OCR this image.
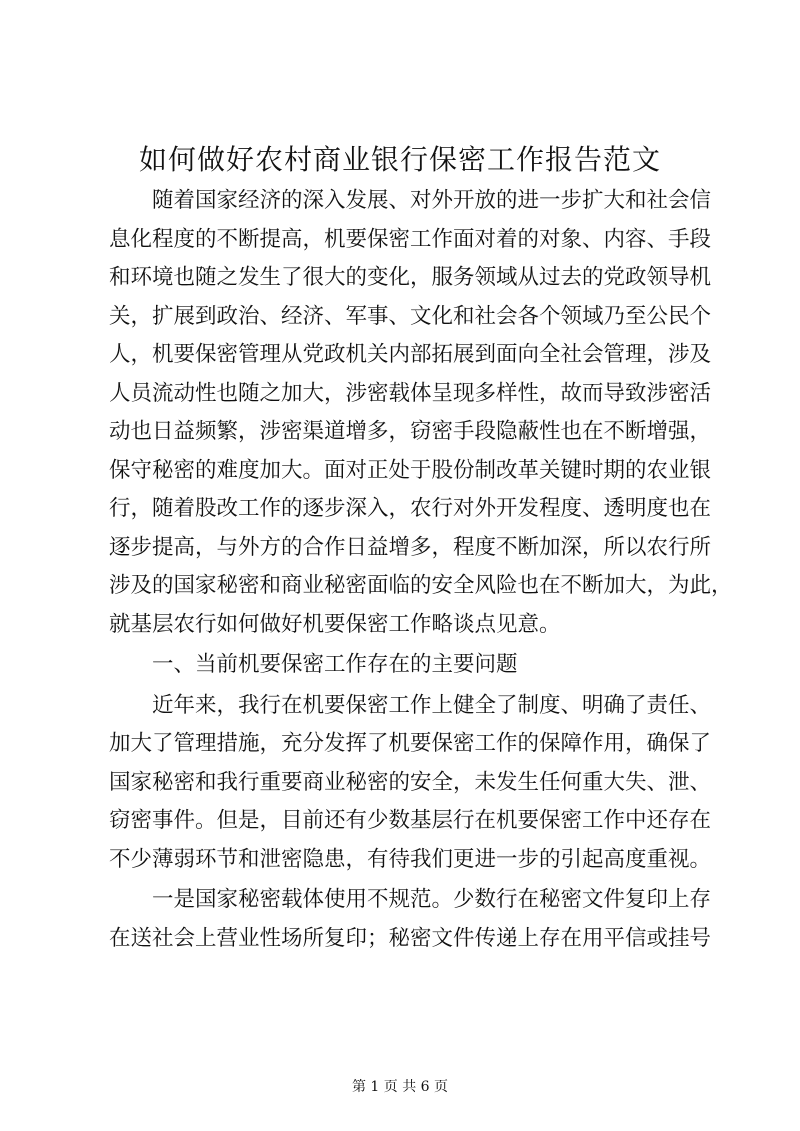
如何做好农村商业银行保密工作报告范文
随着国家经济的深入发展、对外开放的进一步扩大和社会信
息化程度的不断提高，机要保密工作面对着的对象、内容、手段
和环境也随之发生了很大的变化，服务领域从过去的党政领导机
关，扩展到政治、经济、军事、文化和社会各个领域乃至公民个
人，机要保密管理从党政机关内部拓展到面向全社会管理，涉及
人员流动性也随之加大，涉密载体呈现多样性，故而导致涉密活
动也日益频繁，涉密渠道增多，窃密手段隐蔽性也在不断增强，
保守秘密的难度加大。面对正处于股份制改革关键时期的农业银
行，随着股改工作的逐步深入，农行对外开发程度、透明度也在
逐步提高，与外方的合作日益增多，程度不断加深，所以农行所
涉及的国家秘密和商业秘密面临的安全风险也在不断加大，为此，
就基层农行如何做好机要保密工作略谈点见意。
一、当前机要保密工作存在的主要问题
近年来，我行在机要保密工作上健全了制度、明确了责任、
加大了管理措施，充分发挥了机要保密工作的保障作用，确保了
国家秘密和我行重要商业秘密的安全，未发生任何重大失、泄、
窃密事件。但是，目前还有少数基层行在机要保密工作中还存在
不少薄弱环节和泄密隐患，有待我们更进一步的引起高度重视。
一是国家秘密载体使用不规范。少数行在秘密文件复印上存
在送社会上营业性场所复印；秘密文件传递上存在用平信或挂号
第 1 页 共 6 页
